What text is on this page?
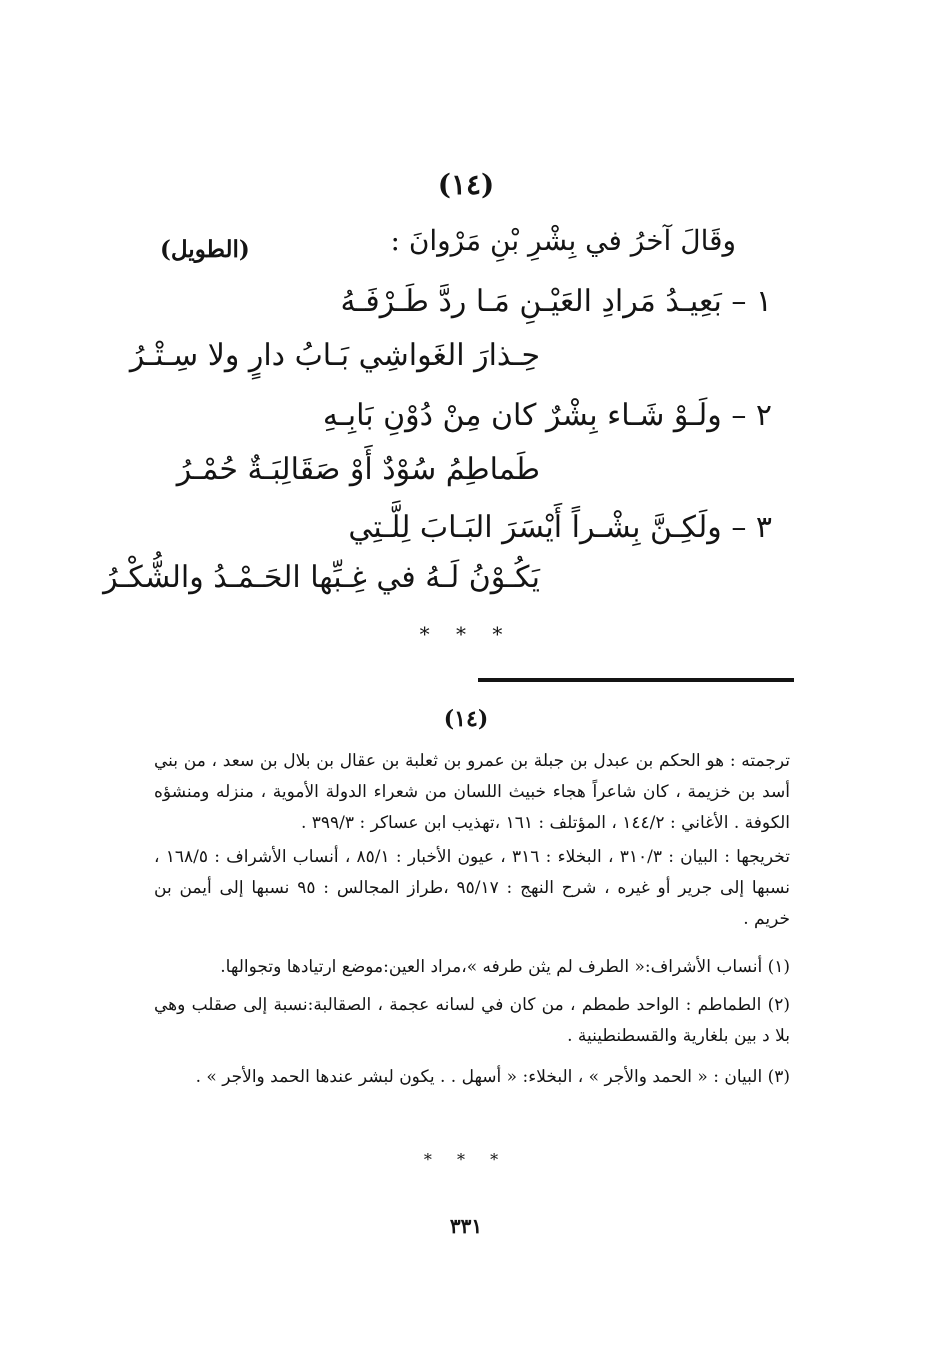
(١٤)
وقَالَ آخرُ في بِشْرِ بْنِ مَرْوانَ :
(الطويل)
١ – بَعِيـدُ مَرادِ العَيْـنِ مَـا ردَّ طَـرْفَـهُ
حِـذارَ الغَواشِي بَـابُ دارٍ ولا سِـتْـرُ
٢ – ولَـوْ شَـاء بِشْرٌ كان مِنْ دُوْنِ بَابِـهِ
طَماطِمُ سُوْدٌ أَوْ صَقَالِبَـةٌ حُمْـرُ
٣ – ولَكِـنَّ بِشْـراً أَيْسَرَ البَـابَ لِلَّـتِي
يَكُـوْنُ لَـهُ في غِـبِّها الحَـمْـدُ والشُّكْـرُ
* * *
(١٤)
ترجمته : هو الحكم بن عبدل بن جبلة بن عمرو بن ثعلبة بن عقال بن بلال بن سعد ، من بني أسد بن خزيمة ، كان شاعراً هجاء خبيث اللسان من شعراء الدولة الأموية ، منزله ومنشؤه الكوفة . الأغاني : ١٤٤/٢ ، المؤتلف : ١٦١ ،تهذيب ابن عساكر : ٣٩٩/٣ .
تخريجها : البيان : ٣١٠/٣ ، البخلاء : ٣١٦ ، عيون الأخبار : ٨٥/١ ، أنساب الأشراف : ١٦٨/٥ ، نسبها إلى جرير أو غيره ، شرح النهج : ٩٥/١٧ ،طراز المجالس : ٩٥ نسبها إلى أيمن بن خريم .
(١) أنساب الأشراف:« الطرف لم يثن طرفه »،مراد العين:موضع ارتيادها وتجوالها.
(٢) الطماطم : الواحد طمطم ، من كان في لسانه عجمة ، الصقالبة:نسبة إلى صقلب وهي بلا د بين بلغارية والقسطنطينية .
(٣) البيان : « الحمد والأجر » ، البخلاء: « أسهل . . يكون لبشر عندها الحمد والأجر » .
* * *
٣٣١
